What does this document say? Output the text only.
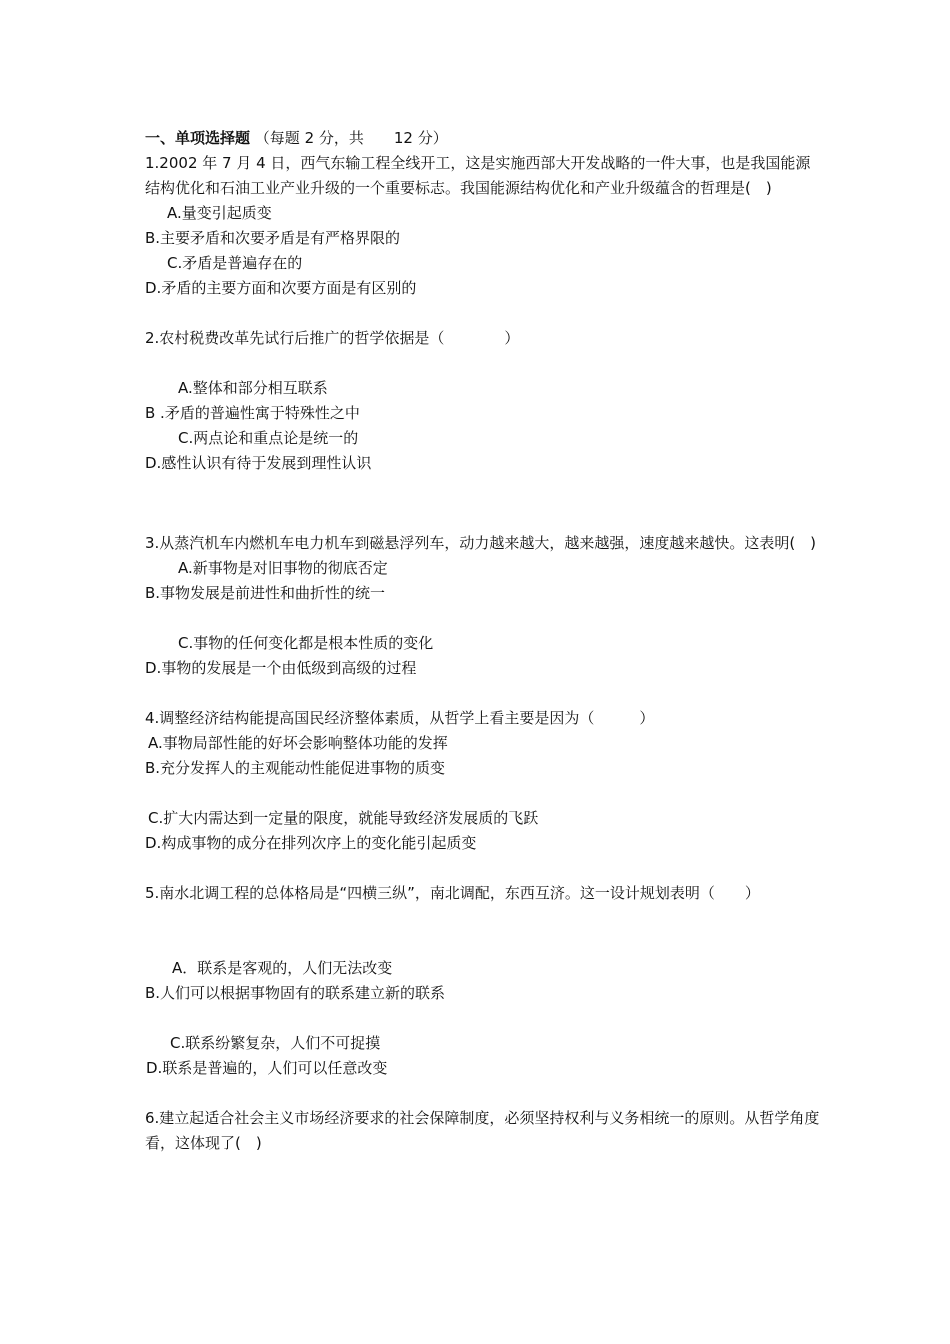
一、单项选择题 （每题 2 分，共　　12 分）
1.2002 年 7 月 4 日，西气东输工程全线开工，这是实施西部大开发战略的一件大事，也是我国能源结构优化和石油工业产业升级的一个重要标志。我国能源结构优化和产业升级蕴含的哲理是(　)
A.量变引起质变
B.主要矛盾和次要矛盾是有严格界限的
C.矛盾是普遍存在的
D.矛盾的主要方面和次要方面是有区别的
2.农村税费改革先试行后推广的哲学依据是（　　　　）
A.整体和部分相互联系
B .矛盾的普遍性寓于特殊性之中
C.两点论和重点论是统一的
D.感性认识有待于发展到理性认识
3.从蒸汽机车内燃机车电力机车到磁悬浮列车，动力越来越大，越来越强，速度越来越快。这表明(　)
A.新事物是对旧事物的彻底否定
B.事物发展是前进性和曲折性的统一
C.事物的任何变化都是根本性质的变化
D.事物的发展是一个由低级到高级的过程
4.调整经济结构能提高国民经济整体素质，从哲学上看主要是因为（　　　）
A.事物局部性能的好坏会影响整体功能的发挥
B.充分发挥人的主观能动性能促进事物的质变
C.扩大内需达到一定量的限度，就能导致经济发展质的飞跃
D.构成事物的成分在排列次序上的变化能引起质变
5.南水北调工程的总体格局是“四横三纵”，南北调配，东西互济。这一设计规划表明（　　）
A．联系是客观的，人们无法改变
B.人们可以根据事物固有的联系建立新的联系
C.联系纷繁复杂，人们不可捉摸
D.联系是普遍的，人们可以任意改变
6.建立起适合社会主义市场经济要求的社会保障制度，必须坚持权利与义务相统一的原则。从哲学角度看，这体现了(　)
